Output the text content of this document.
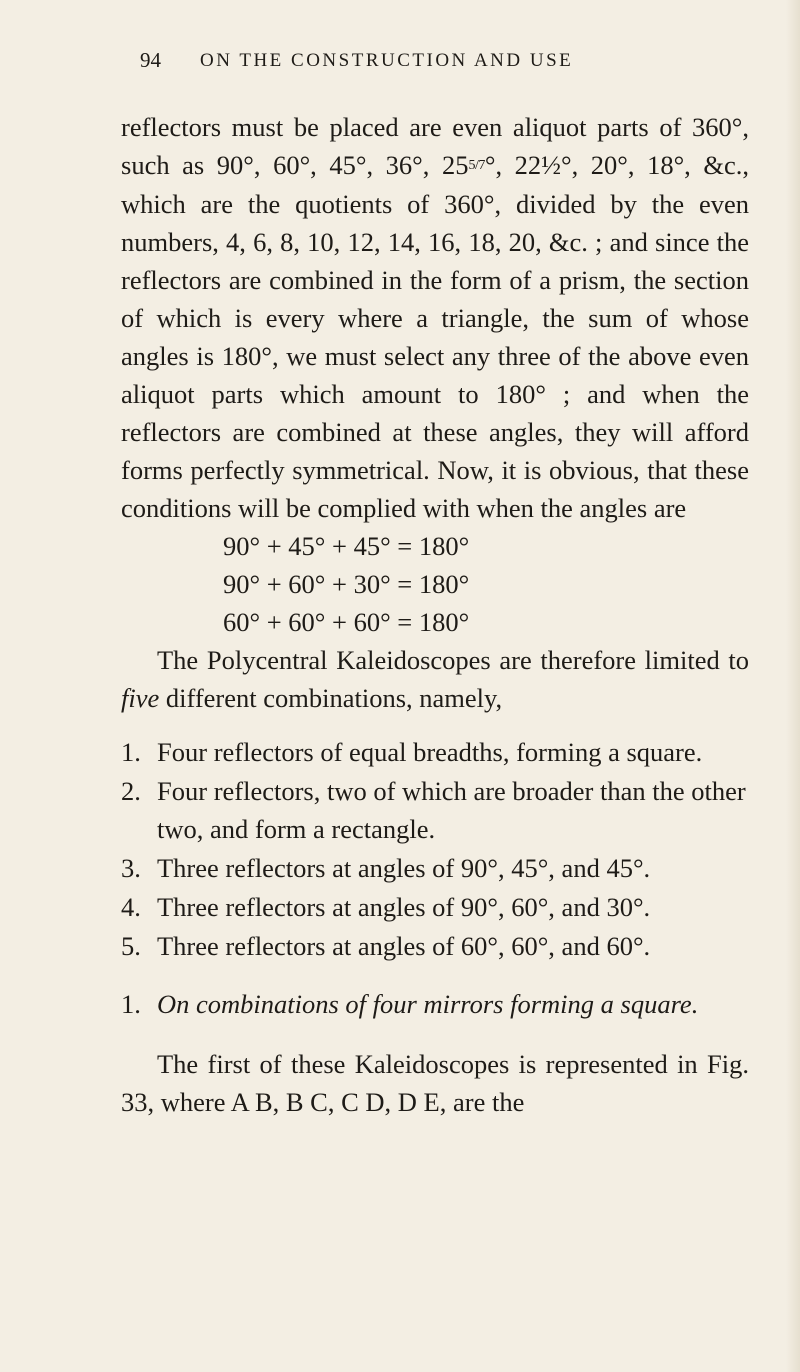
94 ON THE CONSTRUCTION AND USE

reflectors must be placed are even aliquot parts of 360°, such as 90°, 60°, 45°, 36°, 255/7°, 22½°, 20°, 18°, &c., which are the quotients of 360°, divided by the even numbers, 4, 6, 8, 10, 12, 14, 16, 18, 20, &c. ; and since the reflectors are combined in the form of a prism, the section of which is every where a triangle, the sum of whose angles is 180°, we must select any three of the above even aliquot parts which amount to 180° ; and when the reflectors are combined at these angles, they will afford forms perfectly symmetrical. Now, it is obvious, that these conditions will be complied with when the angles are

90° + 45° + 45° = 180°
90° + 60° + 30° = 180°
60° + 60° + 60° = 180°

The Polycentral Kaleidoscopes are therefore limited to five different combinations, namely,

1. Four reflectors of equal breadths, forming a square.
2. Four reflectors, two of which are broader than the other two, and form a rectangle.
3. Three reflectors at angles of 90°, 45°, and 45°.
4. Three reflectors at angles of 90°, 60°, and 30°.
5. Three reflectors at angles of 60°, 60°, and 60°.

1. On combinations of four mirrors forming a square.

The first of these Kaleidoscopes is represented in Fig. 33, where A B, B C, C D, D E, are the
